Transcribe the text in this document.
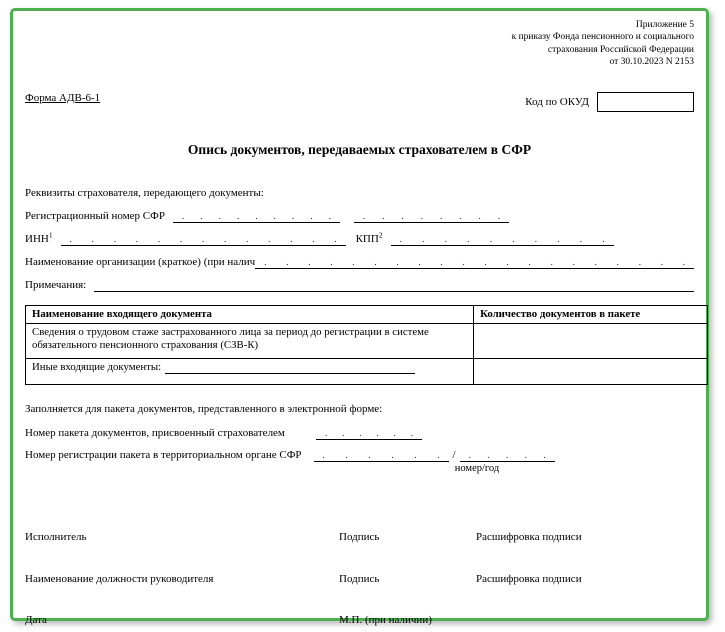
Приложение 5
к приказу Фонда пенсионного и социального
страхования Российской Федерации
от 30.10.2023 N 2153
Форма АДВ-6-1	Код по ОКУД
Опись документов, передаваемых страхователем в СФР
Реквизиты страхователя, передающего документы:
Регистрационный номер СФР	. . . . . . . . .	. . . . . . . .
ИНН$^1$	. . . . . . . . . . . . .	КПП$^2$	. . . . . . . . . .
Наименование организации (краткое) (при налич	. . . . . . . . . . . . . . . . . . . .
Примечания:
Наименование входящего документа	Количество документов в пакете
Сведения о трудовом стаже застрахованного лица за период до регистрации в системе обязательного пенсионного страхования (СЗВ-К)	
Иные входящие документы:	
Заполняется для пакета документов, представленного в электронной форме:
Номер пакета документов, присвоенный страхователем	. . . . . .
Номер регистрации пакета в территориальном органе СФР	. . . . . .	/	. . . . .
номер/год
Исполнитель	Подпись	Расшифровка подписи
Наименование должности руководителя	Подпись	Расшифровка подписи
Дата	М.П. (при наличии)
